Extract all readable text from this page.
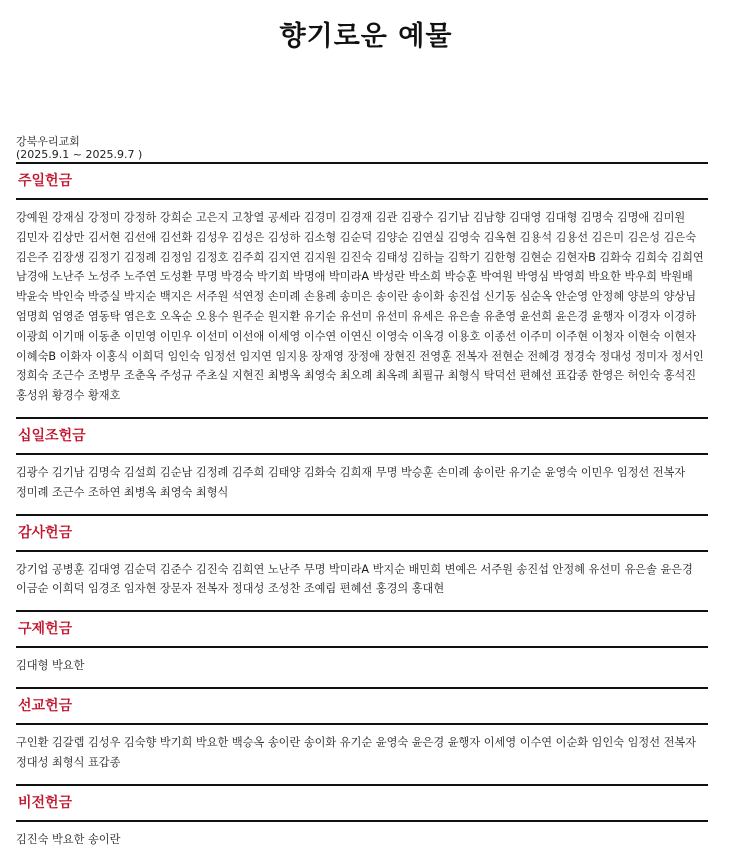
향기로운 예물
강북우리교회
(2025.9.1 ~ 2025.9.7 )
주일헌금
강예원 강재심 강정미 강정하 강희순 고은지 고창열 공세라 김경미 김경재 김관 김광수 김기남 김남향 김대영 김대형 김명숙 김명애 김미원 김민자 김상만 김서현 김선애 김선화 김성우 김성은 김성하 김소형 김순덕 김양순 김연실 김영숙 김옥현 김용석 김용선 김은미 김은성 김은숙 김은주 김장생 김정기 김정례 김정임 김정호 김주희 김지연 김지원 김진숙 김태성 김하늘 김학기 김한형 김현순 김현자B 김화숙 김희숙 김희연 남경애 노난주 노성주 노주연 도성환 무명 박경숙 박기희 박명애 박미라A 박성란 박소희 박승훈 박여원 박영심 박영희 박요한 박우희 박원배 박윤숙 박인숙 박증실 박지순 백지은 서주원 석연정 손미례 손용례 송미은 송이란 송이화 송진섭 신기동 심순옥 안순영 안정혜 양분의 양상님 엄명희 엄영준 염동탁 염은호 오옥순 오용수 원주순 원지환 유기순 유선미 유선미 유세은 유은솔 유춘영 윤선희 윤은경 윤행자 이경자 이경하 이광희 이기매 이동춘 이민영 이민우 이선미 이선애 이세영 이수연 이연신 이영숙 이옥경 이용호 이종선 이주미 이주현 이청자 이현숙 이현자 이혜숙B 이화자 이홍식 이희덕 임인숙 임정선 임지연 임지용 장재영 장정애 장현진 전영훈 전복자 전현순 전혜경 정경숙 정대성 정미자 정서인 정희숙 조근수 조병무 조춘옥 주성규 주초실 지현진 최병옥 최영숙 최오례 최옥례 최필규 최형식 탁덕선 편혜선 표갑종 한영은 허인숙 홍석진 홍성위 황경수 황재호
십일조헌금
김광수 김기남 김명숙 김설희 김순남 김정례 김주희 김태양 김화숙 김희재 무명 박승훈 손미례 송이란 유기순 윤영숙 이민우 임정선 전복자 정미례 조근수 조하연 최병옥 최영숙 최형식
감사헌금
강기업 공병훈 김대영 김순덕 김준수 김진숙 김희연 노난주 무명 박미라A 박지순 배민희 변예은 서주원 송진섭 안정혜 유선미 유은솔 윤은경 이금순 이희덕 임경조 임자현 장문자 전복자 정대성 조성찬 조예림 편혜선 홍경의 홍대현
구제헌금
김대형 박요한
선교헌금
구인환 김갈렙 김성우 김숙향 박기희 박요한 백승옥 송이란 송이화 유기순 윤영숙 윤은경 윤행자 이세영 이수연 이순화 임인숙 임정선 전복자 정대성 최형식 표갑종
비전헌금
김진숙 박요한 송이란
